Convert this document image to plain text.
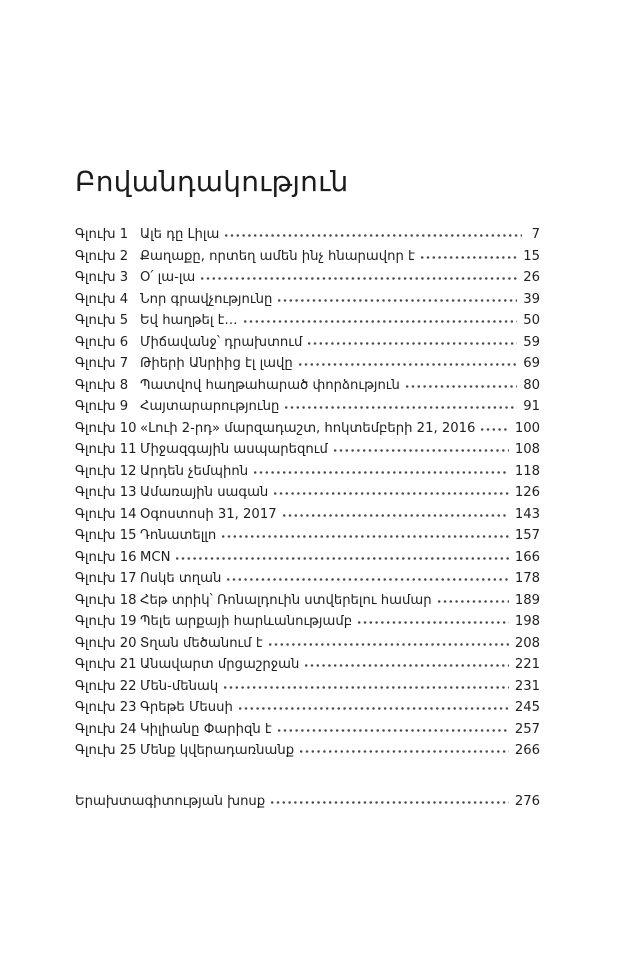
Բովանդակություն
Գլուխ 1 Ալե դը Լիլա	7
Գլուխ 2 Քաղաքը, որտեղ ամեն ինչ հնարավոր է	15
Գլուխ 3 Օ՛ լա-լա	26
Գլուխ 4 Նոր գրավչությունը	39
Գլուխ 5 Եվ հաղթել է…	50
Գլուխ 6 Միճավանջ՝ դրախտում	59
Գլուխ 7 Թիերի Անրիից էլ լավը	69
Գլուխ 8 Պատվով հաղթահարած փորձություն	80
Գլուխ 9 Հայտարարությունը	91
Գլուխ 10 «Լուի 2-րդ» մարզադաշտ, հոկտեմբերի 21, 2016	100
Գլուխ 11 Միջազգային ասպարեզում	108
Գլուխ 12 Արդեն չեմպիոն	118
Գլուխ 13 Ամառային սագան	126
Գլուխ 14 Օգոստոսի 31, 2017	143
Գլուխ 15 Դոնատելլո	157
Գլուխ 16 MCN	166
Գլուխ 17 Ոսկե տղան	178
Գլուխ 18 Հեթ տրիկ՝ Ռոնալդուին ստվերելու համար	189
Գլուխ 19 Պելե արքայի հարևանությամբ	198
Գլուխ 20 Տղան մեծանում է	208
Գլուխ 21 Անավարտ մրցաշրջան	221
Գլուխ 22 Մեն-մենակ	231
Գլուխ 23 Գրեթե Մեսսի	245
Գլուխ 24 Կիլիանը Փարիզն է	257
Գլուխ 25 Մենք կվերադառնանք	266
Երախտագիտության խոսք	276
